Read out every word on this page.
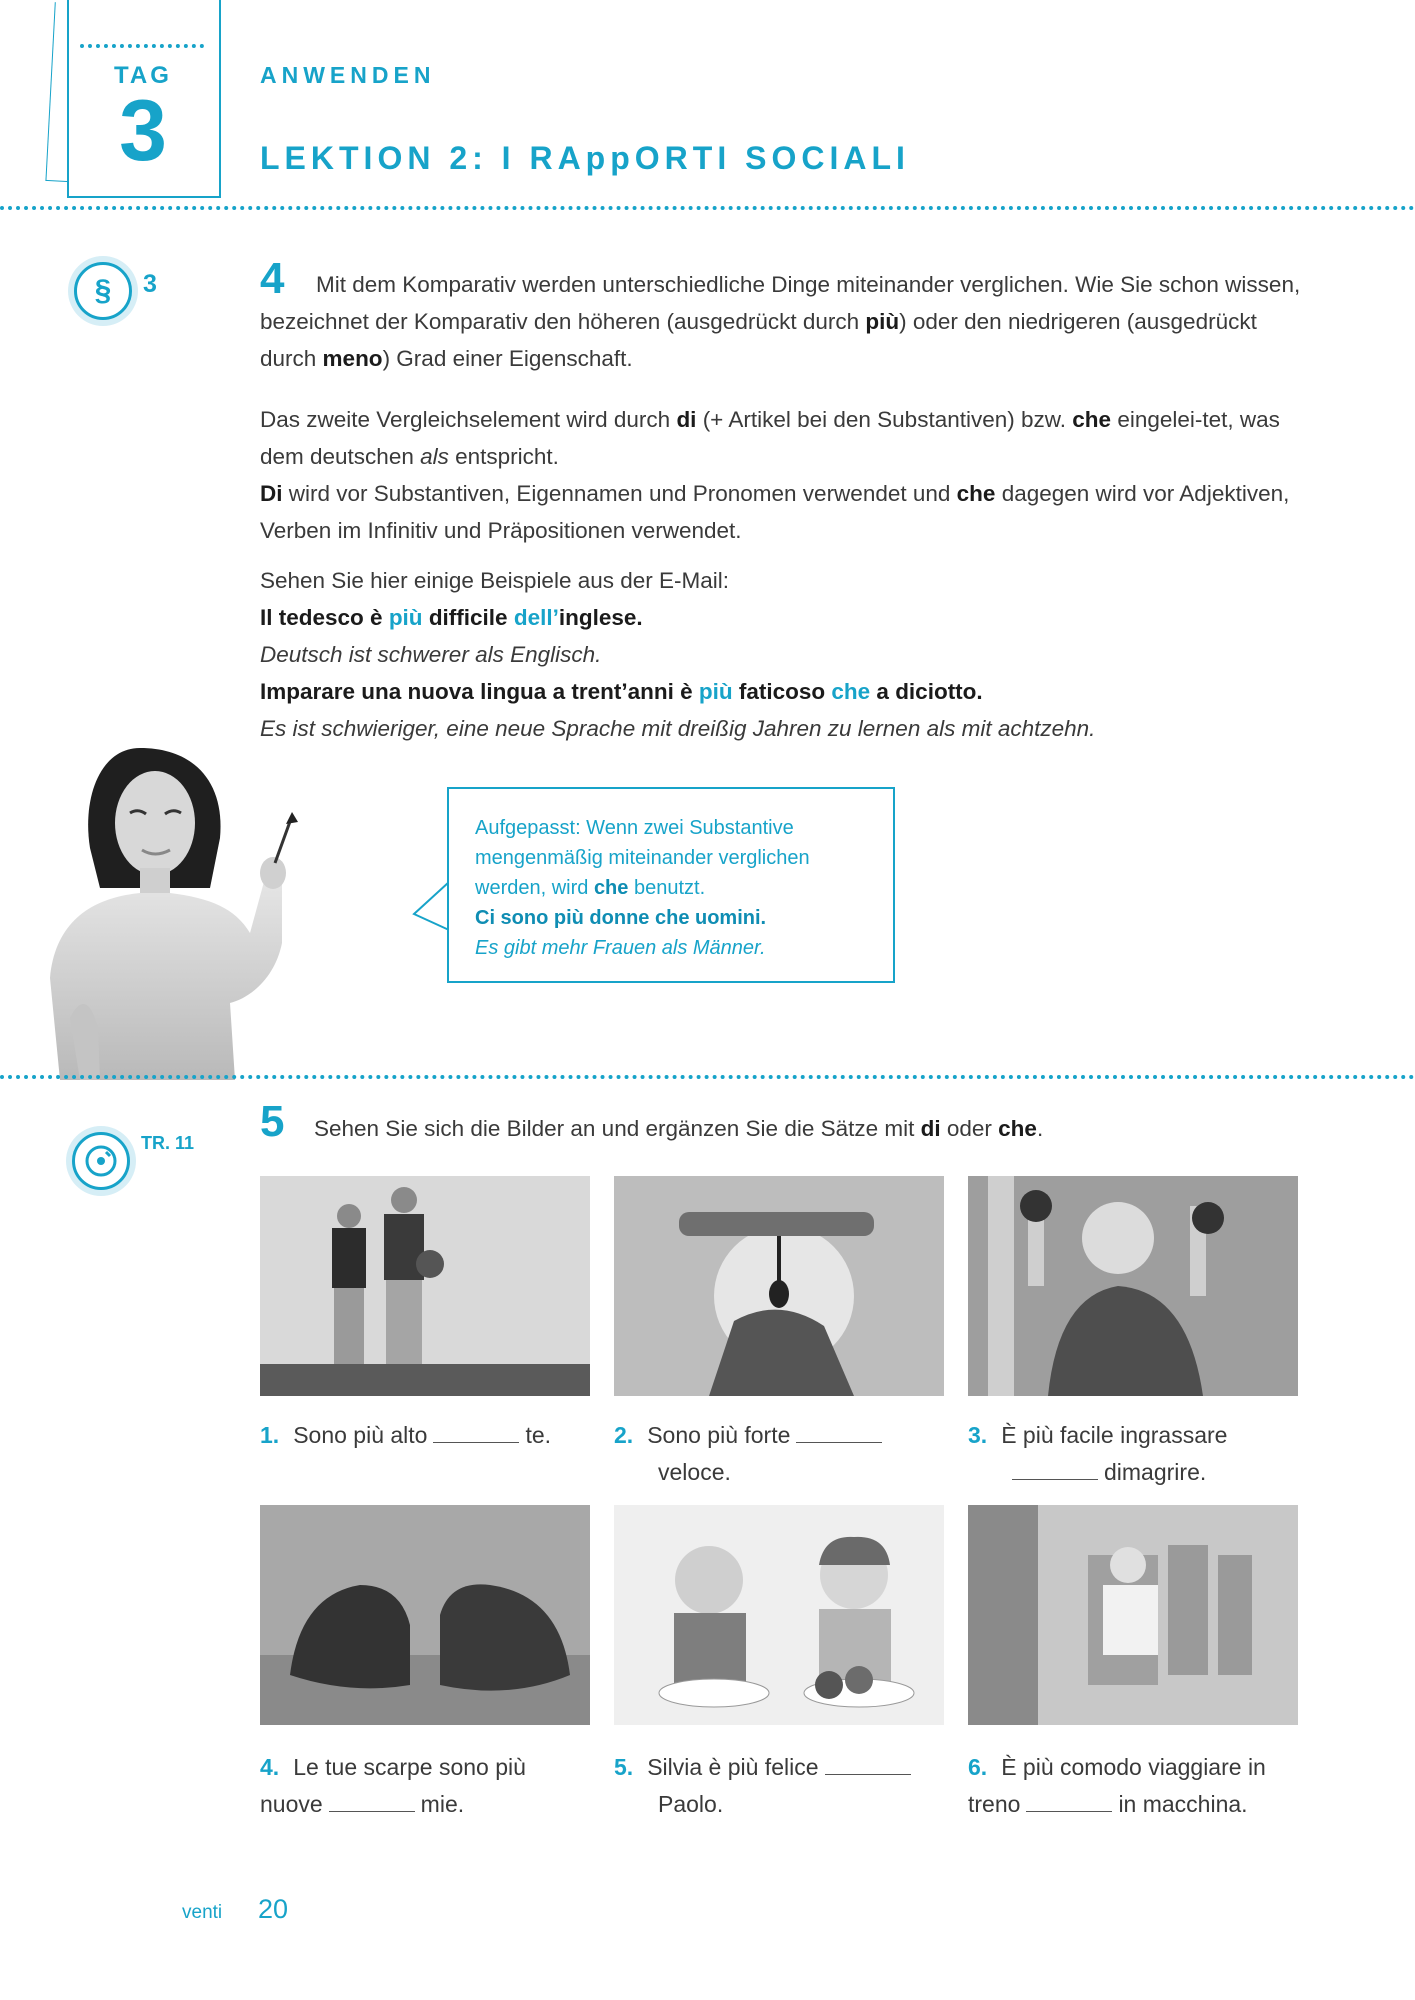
TAG
3
ANWENDEN
LEKTION 2: I RAppORTI SOCIALI
§ 3 4	Mit dem Komparativ werden unterschiedliche Dinge miteinander verglichen. Wie Sie schon wissen, bezeichnet der Komparativ den höheren (ausgedrückt durch più) oder den niedrigeren (ausgedrückt durch meno) Grad einer Eigenschaft.
Das zweite Vergleichselement wird durch di (+ Artikel bei den Substantiven) bzw. che eingelei-tet, was dem deutschen als entspricht.
Di wird vor Substantiven, Eigennamen und Pronomen verwendet und che dagegen wird vor Adjektiven, Verben im Infinitiv und Präpositionen verwendet.
Sehen Sie hier einige Beispiele aus der E-Mail:
Il tedesco è più difficile dell’inglese.
Deutsch ist schwerer als Englisch.
Imparare una nuova lingua a trent’anni è più faticoso che a diciotto.
Es ist schwieriger, eine neue Sprache mit dreißig Jahren zu lernen als mit achtzehn.
Aufgepasst: Wenn zwei Substantive mengenmäßig miteinander verglichen werden, wird che benutzt.
Ci sono più donne che uomini.
Es gibt mehr Frauen als Männer.
TR. 11 5 Sehen Sie sich die Bilder an und ergänzen Sie die Sätze mit di oder che.
1. Sono più alto	te.	2. Sono più forte
veloce.
3. È più facile ingrassare
dimagrire.
4. Le tue scarpe sono più nuove	mie.
5. Silvia è più felice
Paolo.
6. È più comodo viaggiare in treno	in macchina.
venti 20
